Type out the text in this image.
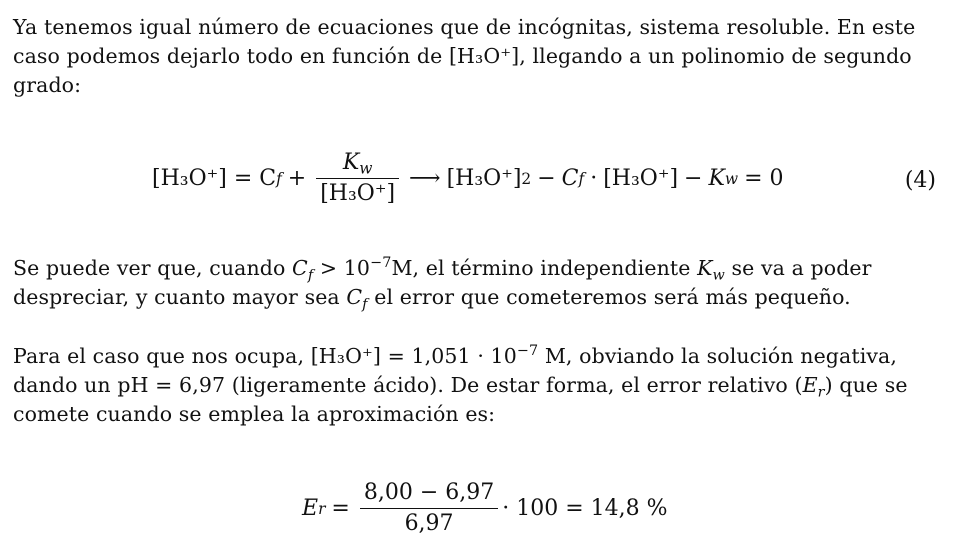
Ya tenemos igual número de ecuaciones que de incógnitas, sistema resoluble. En este
caso podemos dejarlo todo en función de [H₃O⁺], llegando a un polinomio de segundo
grado:
[H₃O⁺] = C $f + \frac{K_w}{\text{[H₃O⁺]}}$ ⟶ [H₃O⁺] 2 − C f · [H₃O⁺] − K w = 0	(4)
Se puede ver que, cuando $C_f > 10^{-7}M$, el término independiente $K_w$ se va a poder
despreciar, y cuanto mayor sea $C_f$ el error que cometeremos será más pequeño.
Para el caso que nos ocupa, $[H_3O^+] = 1,051 \cdot 10^{-7}$ M, obviando la solución negativa,
dando un pH = 6,97 (ligeramente ácido). De estar forma, el error relativo $(E_r)$ que se
comete cuando se emplea la aproximación es:
E $r = \frac{8,00 - 6,97}{6,97} \cdot 100 = 14,8$ %
